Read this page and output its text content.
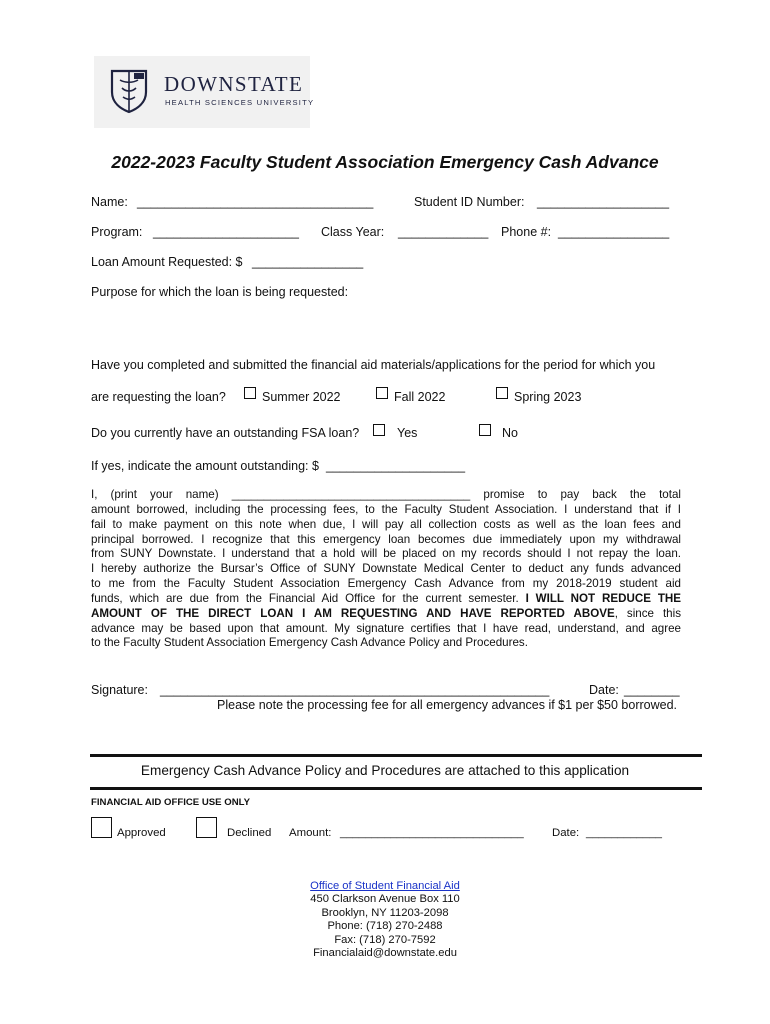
DOWNSTATE
HEALTH SCIENCES UNIVERSITY
2022-2023 Faculty Student Association Emergency Cash Advance
Name: __________________________________	Student ID Number: ___________________
Program: _____________________ Class Year: _____________ Phone #: ________________
Loan Amount Requested: $ ________________
Purpose for which the loan is being requested:
Have you completed and submitted the financial aid materials/applications for the period for which you
are requesting the loan?	Summer 2022	Fall 2022	Spring 2023
Do you currently have an outstanding FSA loan?	Yes	No
If yes, indicate the amount outstanding: $ ____________________
I, (print your name) _____________________________________ promise to pay back the total
amount borrowed, including the processing fees, to the Faculty Student Association. I understand that if I
fail to make payment on this note when due, I will pay all collection costs as well as the loan fees and
principal borrowed. I recognize that this emergency loan becomes due immediately upon my withdrawal
from SUNY Downstate. I understand that a hold will be placed on my records should I not repay the loan.
I hereby authorize the Bursar’s Office of SUNY Downstate Medical Center to deduct any funds advanced
to me from the Faculty Student Association Emergency Cash Advance from my 2018-2019 student aid
funds, which are due from the Financial Aid Office for the current semester. I WILL NOT REDUCE THE
AMOUNT OF THE DIRECT LOAN I AM REQUESTING AND HAVE REPORTED ABOVE, since this
advance may be based upon that amount. My signature certifies that I have read, understand, and agree
to the Faculty Student Association Emergency Cash Advance Policy and Procedures.
Signature: ________________________________________________________	Date: ________
Please note the processing fee for all emergency advances if $1 per $50 borrowed.
Emergency Cash Advance Policy and Procedures are attached to this application
FINANCIAL AID OFFICE USE ONLY
Approved	Declined Amount: _____________________________ Date: ____________
Office of Student Financial Aid
450 Clarkson Avenue Box 110
Brooklyn, NY 11203-2098
Phone: (718) 270-2488
Fax: (718) 270-7592
Financialaid@downstate.edu
